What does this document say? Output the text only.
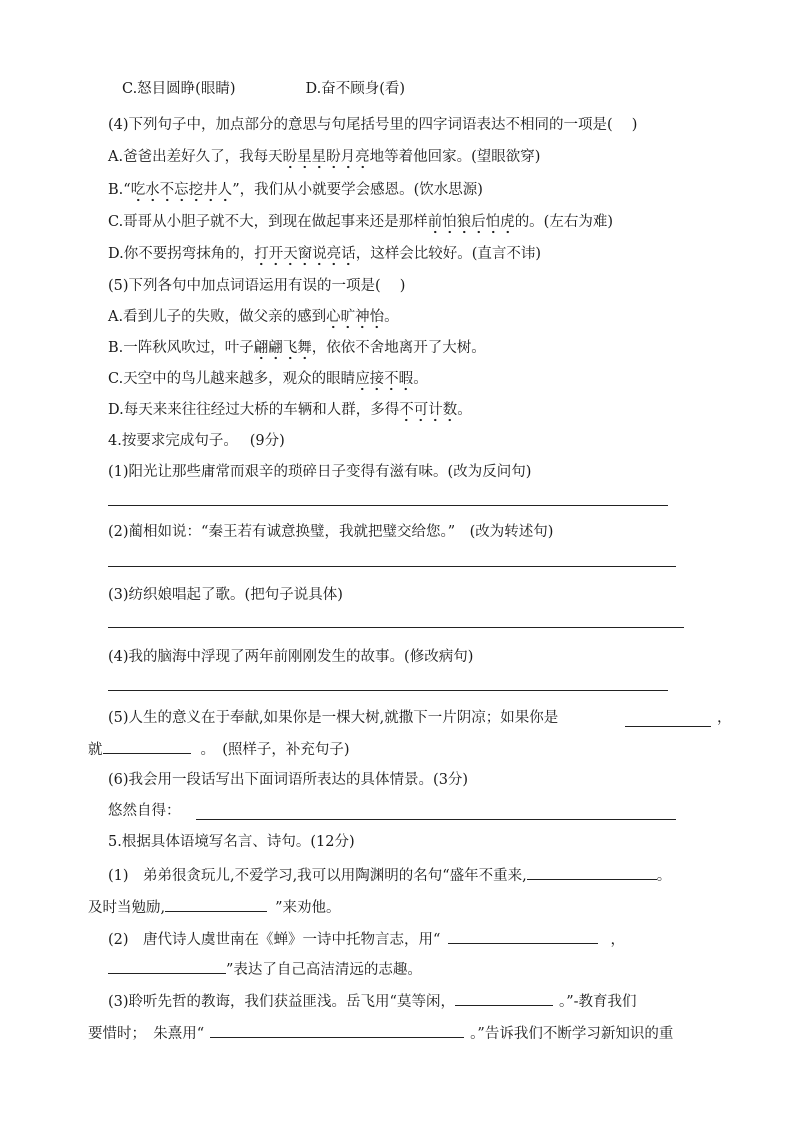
C.怒目圆睁(眼睛)	D.奋不顾身(看)
(4)下列句子中，加点部分的意思与句尾括号里的四字词语表达不相同的一项是(　 )
A.爸爸出差好久了，我每天盼星星盼月亮地等着他回家。(望眼欲穿)
B.“吃水不忘挖井人”，我们从小就要学会感恩。(饮水思源)
C.哥哥从小胆子就不大，到现在做起事来还是那样前怕狼后怕虎的。(左右为难)
D.你不要拐弯抹角的，打开天窗说亮话，这样会比较好。(直言不讳)
(5)下列各句中加点词语运用有误的一项是(　 )
A.看到儿子的失败，做父亲的感到心旷神怡。
B.一阵秋风吹过，叶子翩翩飞舞，依依不舍地离开了大树。
C.天空中的鸟儿越来越多，观众的眼睛应接不暇。
D.每天来来往往经过大桥的车辆和人群，多得不可计数。
4.按要求完成句子。　 (9分)
(1)阳光让那些庸常而艰辛的琐碎日子变得有滋有味。(改为反问句)
(2)蔺相如说：“秦王若有诚意换璧，我就把璧交给您。”　(改为转述句)
(3)纺织娘唱起了歌。(把句子说具体)
(4)我的脑海中浮现了两年前刚刚发生的故事。(修改病句)
(5)人生的意义在于奉献,如果你是一棵大树,就撒下一片阴凉；如果你是	，
就	。　(照样子，补充句子)
(6)我会用一段话写出下面词语所表达的具体情景。(3分)
悠然自得：
5.根据具体语境写名言、诗句。(12分)
(1)　弟弟很贪玩儿,不爱学习,我可以用陶渊明的名句“盛年不重来,	。
及时当勉励,	”来劝他。
(2)　唐代诗人虞世南在《蝉》一诗中托物言志，用“	，
”表达了自己高洁清远的志趣。
(3)聆听先哲的教诲，我们获益匪浅。岳飞用“莫等闲，	。”-教育我们
要惜时；　朱熹用“	。”告诉我们不断学习新知识的重
